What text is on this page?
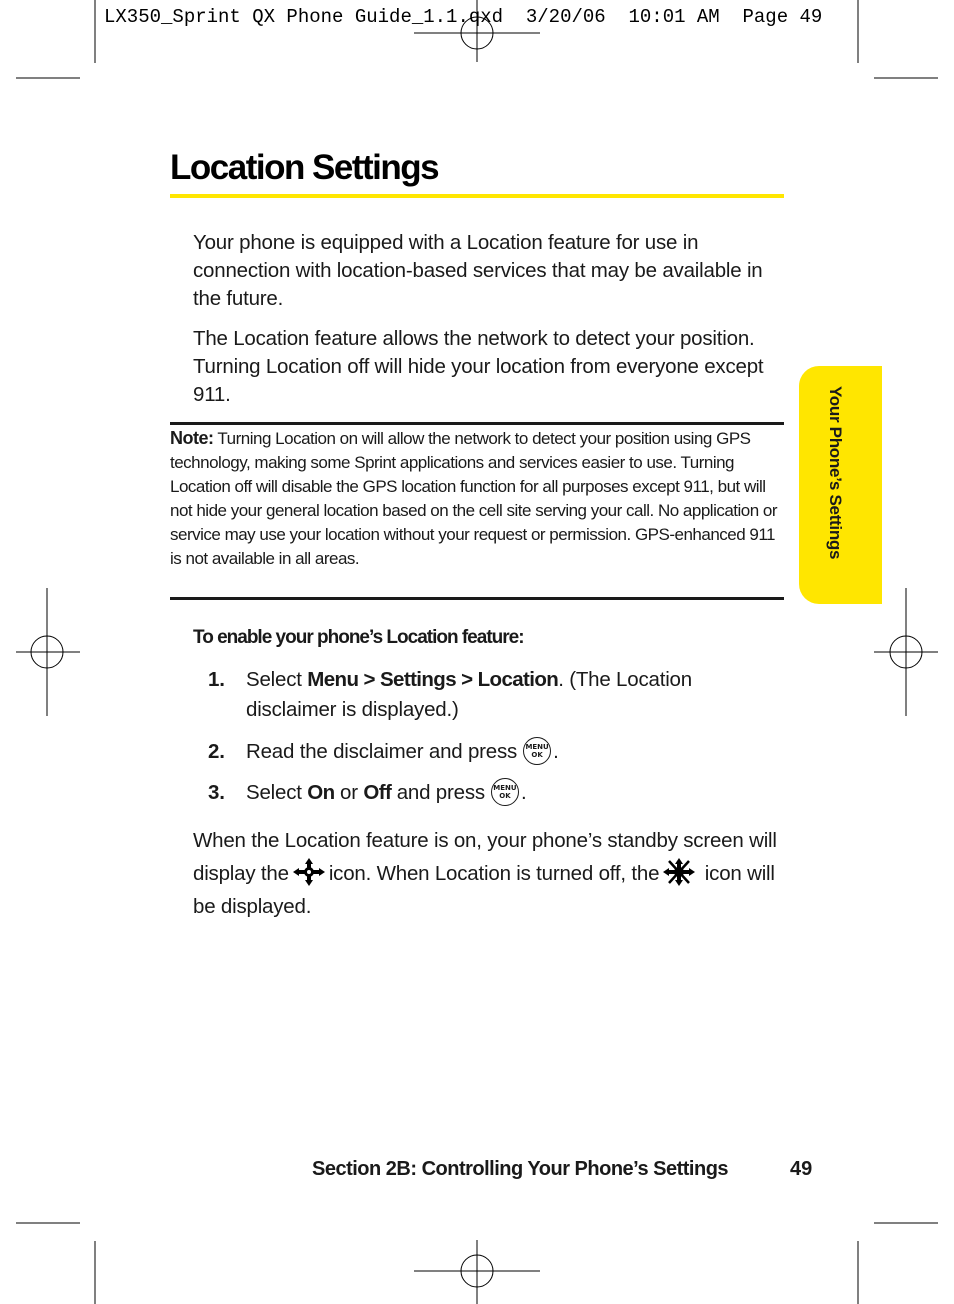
LX350_Sprint QX Phone Guide_1.1.qxd  3/20/06  10:01 AM  Page 49
Location Settings

Your phone is equipped with a Location feature for use in connection with location-based services that may be available in the future.

The Location feature allows the network to detect your position. Turning Location off will hide your location from everyone except 911.

Note: Turning Location on will allow the network to detect your position using GPS technology, making some Sprint applications and services easier to use. Turning Location off will disable the GPS location function for all purposes except 911, but will not hide your general location based on the cell site serving your call. No application or service may use your location without your request or permission. GPS-enhanced 911 is not available in all areas.	Your Phone’s Settings

To enable your phone’s Location feature:

1. Select Menu > Settings > Location. (The Location disclaimer is displayed.)
2. Read the disclaimer and press MENU
OK .
3. Select On or Off and press MENU
OK .

When the Location feature is on, your phone’s standby screen will display the icon. When Location is turned off, the icon will be displayed.

Section 2B: Controlling Your Phone’s Settings	49
